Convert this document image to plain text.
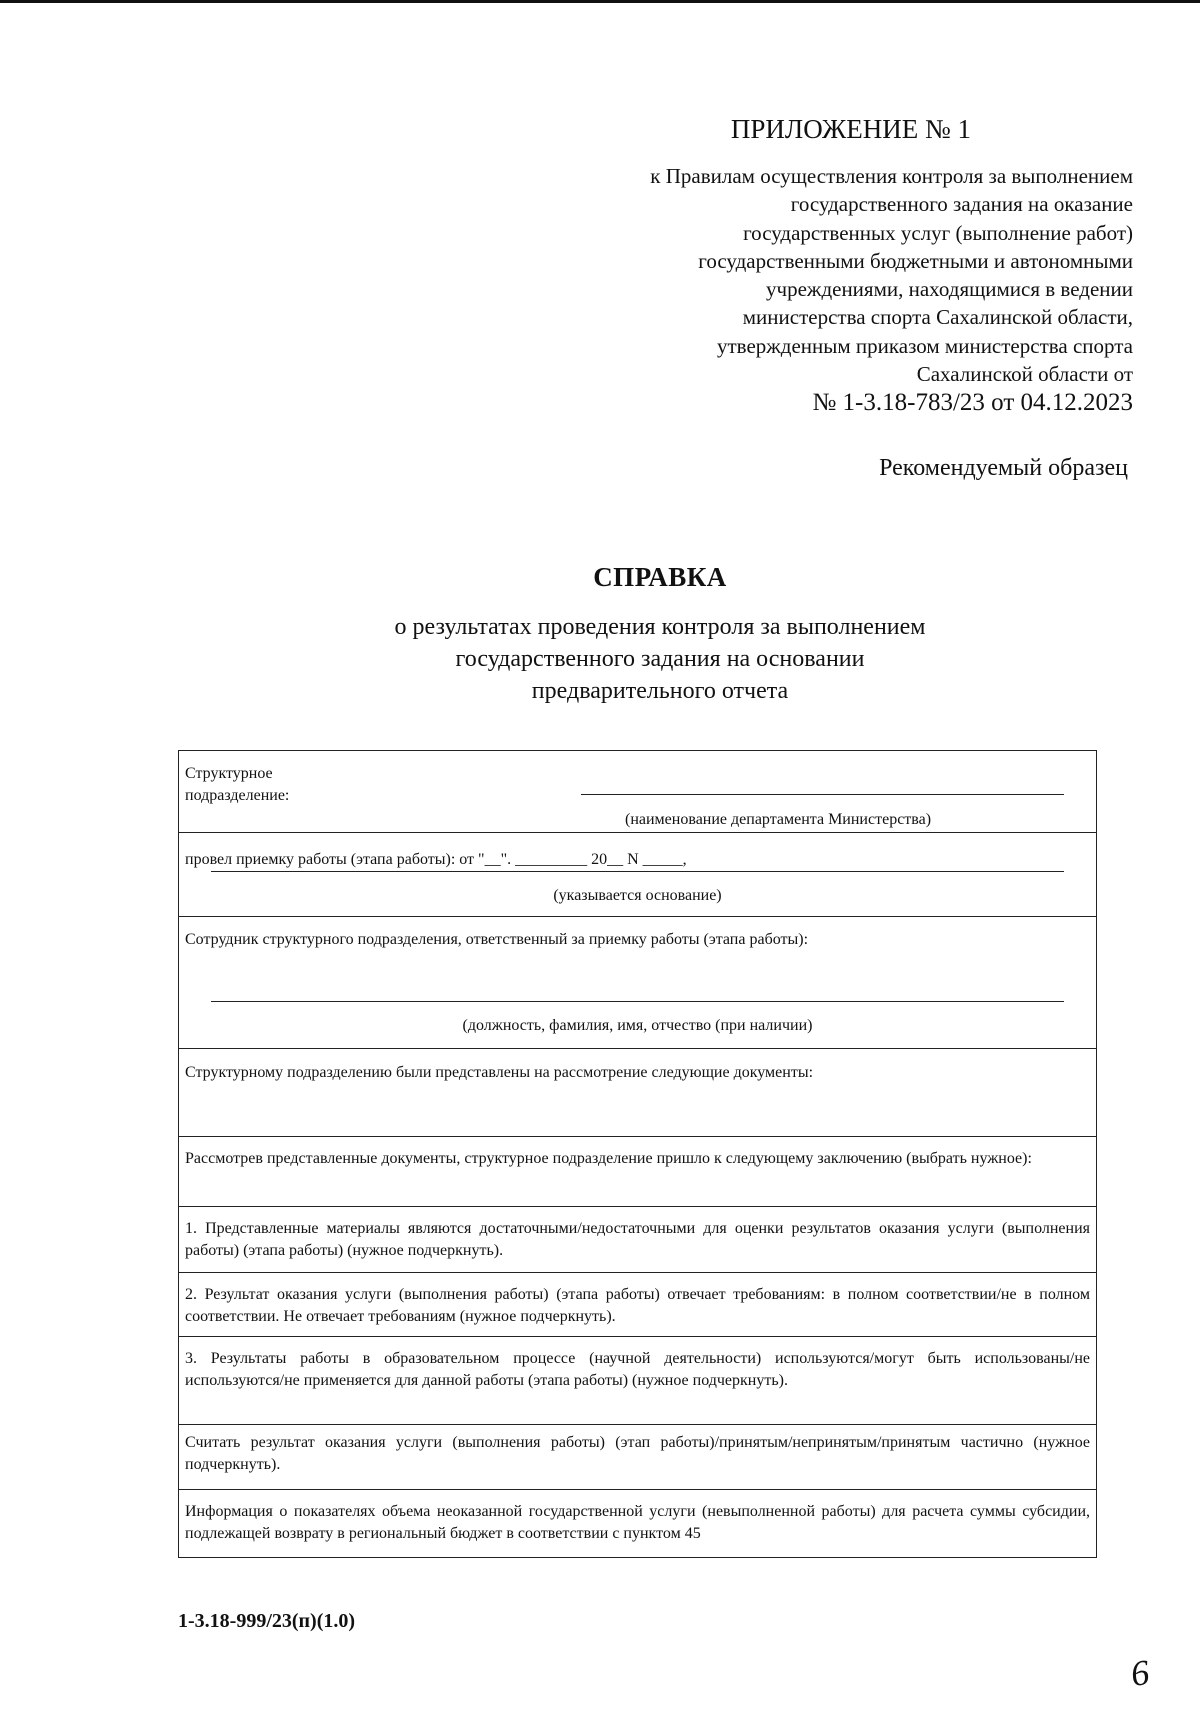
ПРИЛОЖЕНИЕ № 1
к Правилам осуществления контроля за выполнением
государственного задания на оказание
государственных услуг (выполнение работ)
государственными бюджетными и автономными
учреждениями, находящимися в ведении
министерства спорта Сахалинской области,
утвержденным приказом министерства спорта
Сахалинской области от
№ 1-3.18-783/23 от 04.12.2023
Рекомендуемый образец
СПРАВКА
о результатах проведения контроля за выполнением
государственного задания на основании
предварительного отчета
Структурное
подразделение:
(наименование департамента Министерства)
провел приемку работы (этапа работы): от "__". _________ 20__ N _____,
(указывается основание)
Сотрудник структурного подразделения, ответственный за приемку работы (этапа работы):
(должность, фамилия, имя, отчество (при наличии)
Структурному подразделению были представлены на рассмотрение следующие документы:
Рассмотрев представленные документы, структурное подразделение пришло к следующему заключению (выбрать нужное):
1. Представленные материалы являются достаточными/недостаточными для оценки результатов оказания услуги (выполнения работы) (этапа работы) (нужное подчеркнуть).
2. Результат оказания услуги (выполнения работы) (этапа работы) отвечает требованиям: в полном соответствии/не в полном соответствии. Не отвечает требованиям (нужное подчеркнуть).
3. Результаты работы в образовательном процессе (научной деятельности) используются/могут быть использованы/не используются/не применяется для данной работы (этапа работы) (нужное подчеркнуть).
Считать результат оказания услуги (выполнения работы) (этап работы)/принятым/непринятым/принятым частично (нужное подчеркнуть).
Информация о показателях объема неоказанной государственной услуги (невыполненной работы) для расчета суммы субсидии, подлежащей возврату в региональный бюджет в соответствии с пунктом 45
1-3.18-999/23(п)(1.0)
6
